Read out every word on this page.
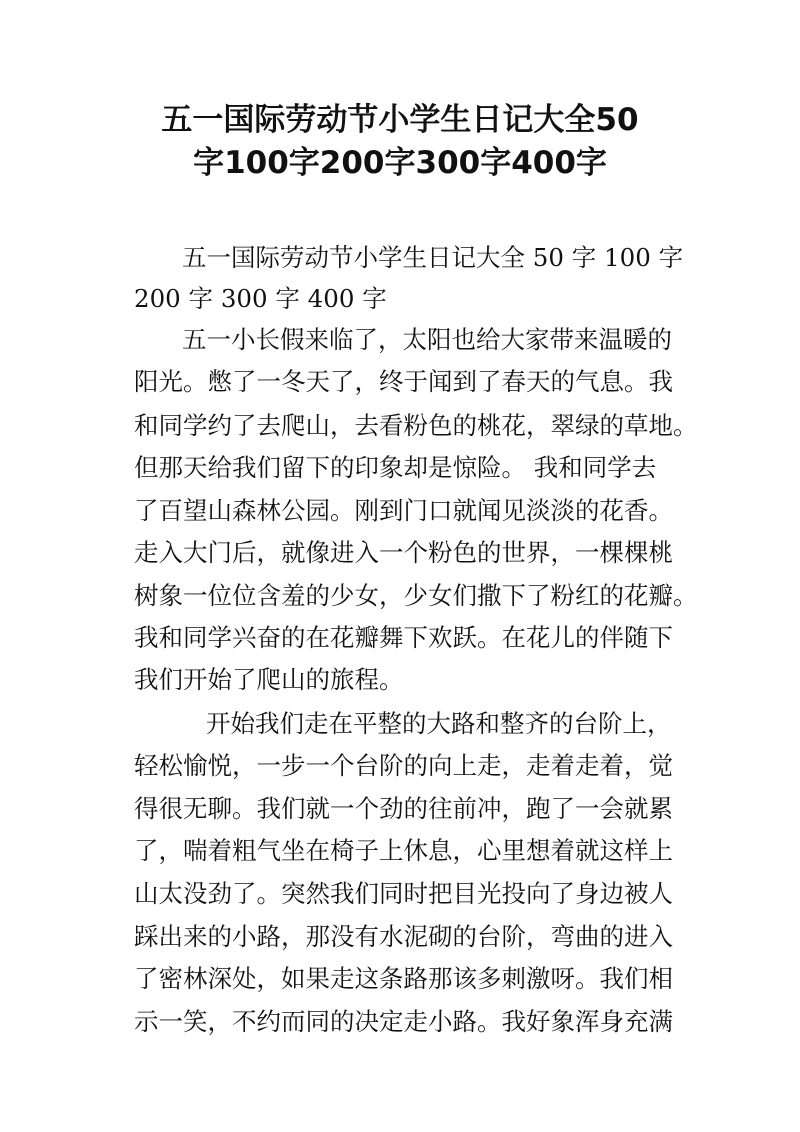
五一国际劳动节小学生日记大全50
字100字200字300字400字

五一国际劳动节小学生日记大全 50 字 100 字

200 字 300 字 400 字

五一小长假来临了，太阳也给大家带来温暖的

阳光。憋了一冬天了，终于闻到了春天的气息。我

和同学约了去爬山，去看粉色的桃花，翠绿的草地。

但那天给我们留下的印象却是惊险。 我和同学去

了百望山森林公园。刚到门口就闻见淡淡的花香。

走入大门后，就像进入一个粉色的世界，一棵棵桃

树象一位位含羞的少女，少女们撒下了粉红的花瓣。

我和同学兴奋的在花瓣舞下欢跃。在花儿的伴随下

我们开始了爬山的旅程。

开始我们走在平整的大路和整齐的台阶上，

轻松愉悦，一步一个台阶的向上走，走着走着，觉

得很无聊。我们就一个劲的往前冲，跑了一会就累

了，喘着粗气坐在椅子上休息，心里想着就这样上

山太没劲了。突然我们同时把目光投向了身边被人

踩出来的小路，那没有水泥砌的台阶，弯曲的进入

了密林深处，如果走这条路那该多刺激呀。我们相

示一笑，不约而同的决定走小路。我好象浑身充满
